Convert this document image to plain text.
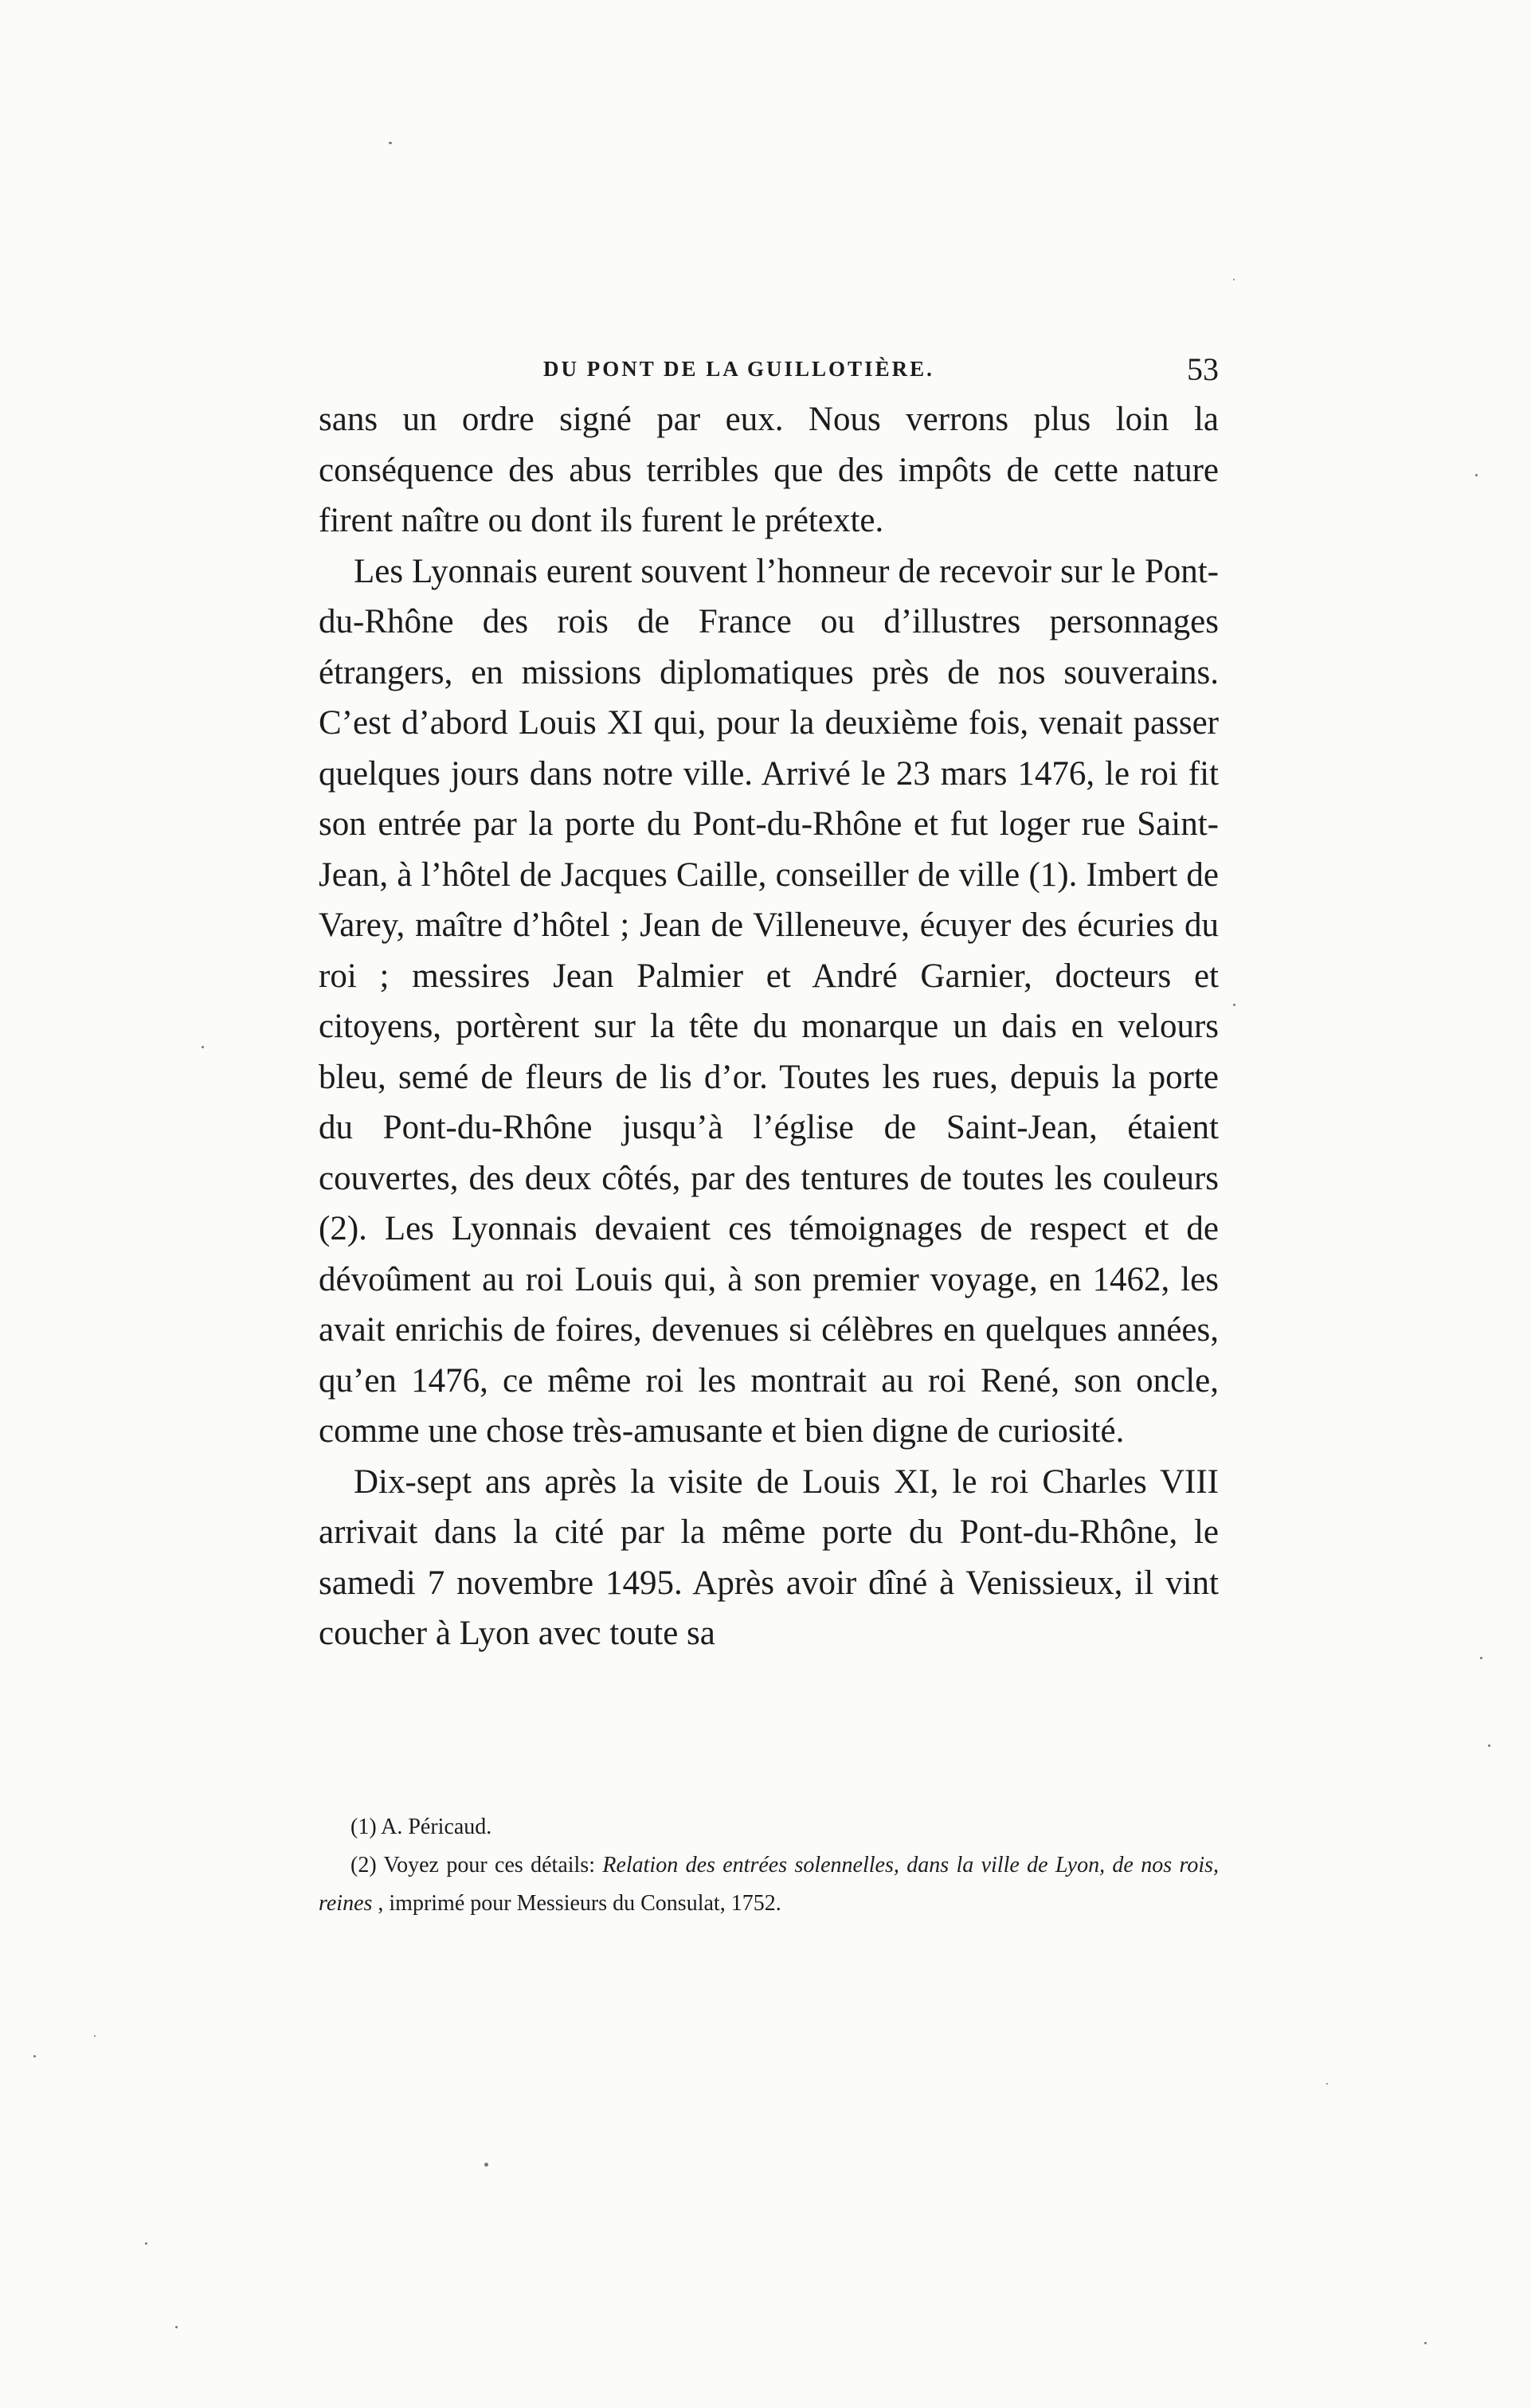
DU PONT DE LA GUILLOTIÈRE.	53

sans un ordre signé par eux. Nous verrons plus loin la conséquence des abus terribles que des impôts de cette nature firent naître ou dont ils furent le prétexte.

Les Lyonnais eurent souvent l’honneur de recevoir sur le Pont-du-Rhône des rois de France ou d’illustres personnages étrangers, en missions diplomatiques près de nos souverains. C’est d’abord Louis XI qui, pour la deuxième fois, venait passer quelques jours dans notre ville. Arrivé le 23 mars 1476, le roi fit son entrée par la porte du Pont-du-Rhône et fut loger rue Saint-Jean, à l’hôtel de Jacques Caille, conseiller de ville (1). Imbert de Varey, maître d’hôtel ; Jean de Villeneuve, écuyer des écuries du roi ; messires Jean Palmier et André Garnier, docteurs et citoyens, portèrent sur la tête du monarque un dais en velours bleu, semé de fleurs de lis d’or. Toutes les rues, depuis la porte du Pont-du-Rhône jusqu’à l’église de Saint-Jean, étaient couvertes, des deux côtés, par des tentures de toutes les couleurs (2). Les Lyonnais devaient ces témoignages de respect et de dévoûment au roi Louis qui, à son premier voyage, en 1462, les avait enrichis de foires, devenues si célèbres en quelques années, qu’en 1476, ce même roi les montrait au roi René, son oncle, comme une chose très-amusante et bien digne de curiosité.

Dix-sept ans après la visite de Louis XI, le roi Charles VIII arrivait dans la cité par la même porte du Pont-du-Rhône, le samedi 7 novembre 1495. Après avoir dîné à Venissieux, il vint coucher à Lyon avec toute sa

(1) A. Péricaud.

(2) Voyez pour ces détails: Relation des entrées solennelles, dans la ville de Lyon, de nos rois, reines , imprimé pour Messieurs du Consulat, 1752.
